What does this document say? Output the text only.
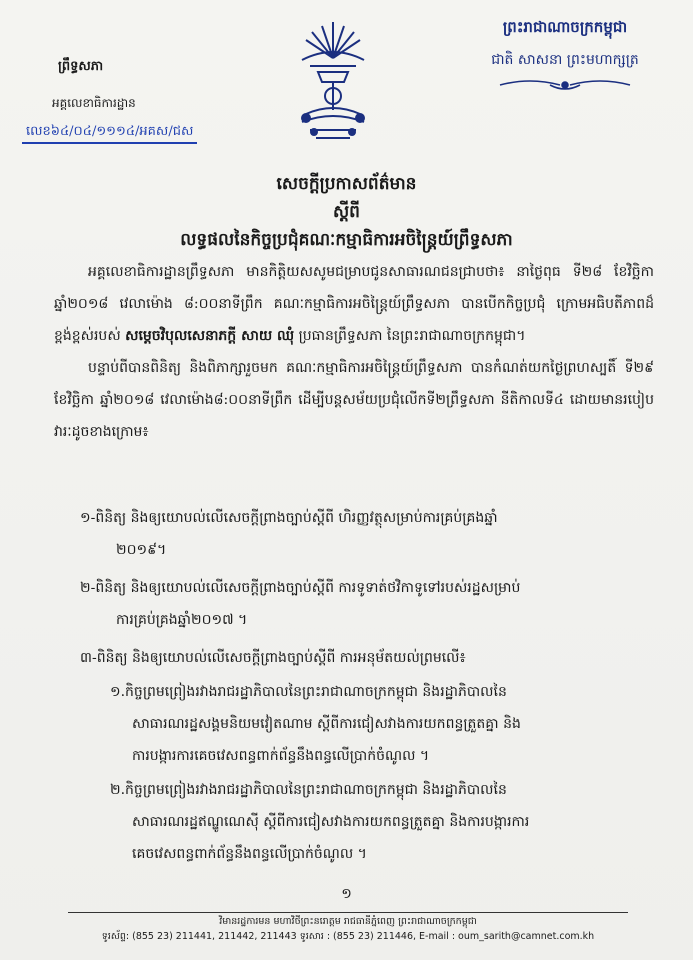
ព្រឹទ្ធសភា
អគ្គលេខាធិការដ្ឋាន
លេខ៦៤/០៤/១១១៤/អគស/ជស
ព្រះរាជាណាចក្រកម្ពុជា
ជាតិ សាសនា ព្រះមហាក្សត្រ
សេចក្តីប្រកាសព័ត៌មាន
ស្តីពី
លទ្ធផលនៃកិច្ចប្រជុំគណៈកម្មាធិការអចិន្ត្រៃយ៍ព្រឹទ្ធសភា

អគ្គលេខាធិការដ្ឋានព្រឹទ្ធសភា មានកិត្តិយសសូមជម្រាបជូនសាធារណជនជ្រាបថា៖ នាថ្ងៃពុធ ទី២៨ ខែវិច្ឆិកា ឆ្នាំ២០១៨ វេលាម៉ោង ៨:០០នាទីព្រឹក គណៈកម្មាធិការអចិន្ត្រៃយ៍ព្រឹទ្ធសភា បានបើកកិច្ចប្រជុំ ក្រោមអធិបតីភាពដ៏ខ្ពង់ខ្ពស់របស់ សម្តេចវិបុលសេនាភក្តី សាយ ឈុំ ប្រធានព្រឹទ្ធសភា នៃព្រះរាជាណាចក្រកម្ពុជា។

បន្ទាប់ពីបានពិនិត្យ និងពិភាក្សារួចមក គណៈកម្មាធិការអចិន្ត្រៃយ៍ព្រឹទ្ធសភា បានកំណត់យកថ្ងៃព្រហស្បតិ៍ ទី២៩ ខែវិច្ឆិកា ឆ្នាំ២០១៨ វេលាម៉ោង៨:០០នាទីព្រឹក ដើម្បីបន្តសម័យប្រជុំលើកទី២ព្រឹទ្ធសភា នីតិកាលទី៤ ដោយមានរបៀបវារៈដូចខាងក្រោម៖

១-ពិនិត្យ និងឲ្យយោបល់លើសេចក្តីព្រាងច្បាប់ស្តីពី ហិរញ្ញវត្ថុសម្រាប់ការគ្រប់គ្រងឆ្នាំ
២០១៩។
២-ពិនិត្យ និងឲ្យយោបល់លើសេចក្តីព្រាងច្បាប់ស្តីពី ការទូទាត់ថវិកាទូទៅរបស់រដ្ឋសម្រាប់
ការគ្រប់គ្រងឆ្នាំ២០១៧ ។
៣-ពិនិត្យ និងឲ្យយោបល់លើសេចក្តីព្រាងច្បាប់ស្តីពី ការអនុម័តយល់ព្រមលើ៖
១.កិច្ចព្រមព្រៀងរវាងរាជរដ្ឋាភិបាលនៃព្រះរាជាណាចក្រកម្ពុជា និងរដ្ឋាភិបាលនៃ
សាធារណរដ្ឋសង្គមនិយមវៀតណាម ស្តីពីការជៀសវាងការយកពន្ធត្រួតគ្នា និង
ការបង្ការការគេចវេសពន្ធពាក់ព័ន្ធនឹងពន្ធលើប្រាក់ចំណូល ។
២.កិច្ចព្រមព្រៀងរវាងរាជរដ្ឋាភិបាលនៃព្រះរាជាណាចក្រកម្ពុជា និងរដ្ឋាភិបាលនៃ
សាធារណរដ្ឋឥណ្ឌូណេស៊ី ស្តីពីការជៀសវាងការយកពន្ធត្រួតគ្នា និងការបង្ការការ
គេចវេសពន្ធពាក់ព័ន្ធនឹងពន្ធលើប្រាក់ចំណូល ។
១
វិមានរដ្ឋការមន មហាវិថីព្រះនរោត្តម រាជធានីភ្នំពេញ ព្រះរាជាណាចក្រកម្ពុជា
ទូរស័ព្ទ: (855 23) 211441, 211442, 211443 ទូរសារ : (855 23) 211446, E-mail : oum_sarith@camnet.com.kh
